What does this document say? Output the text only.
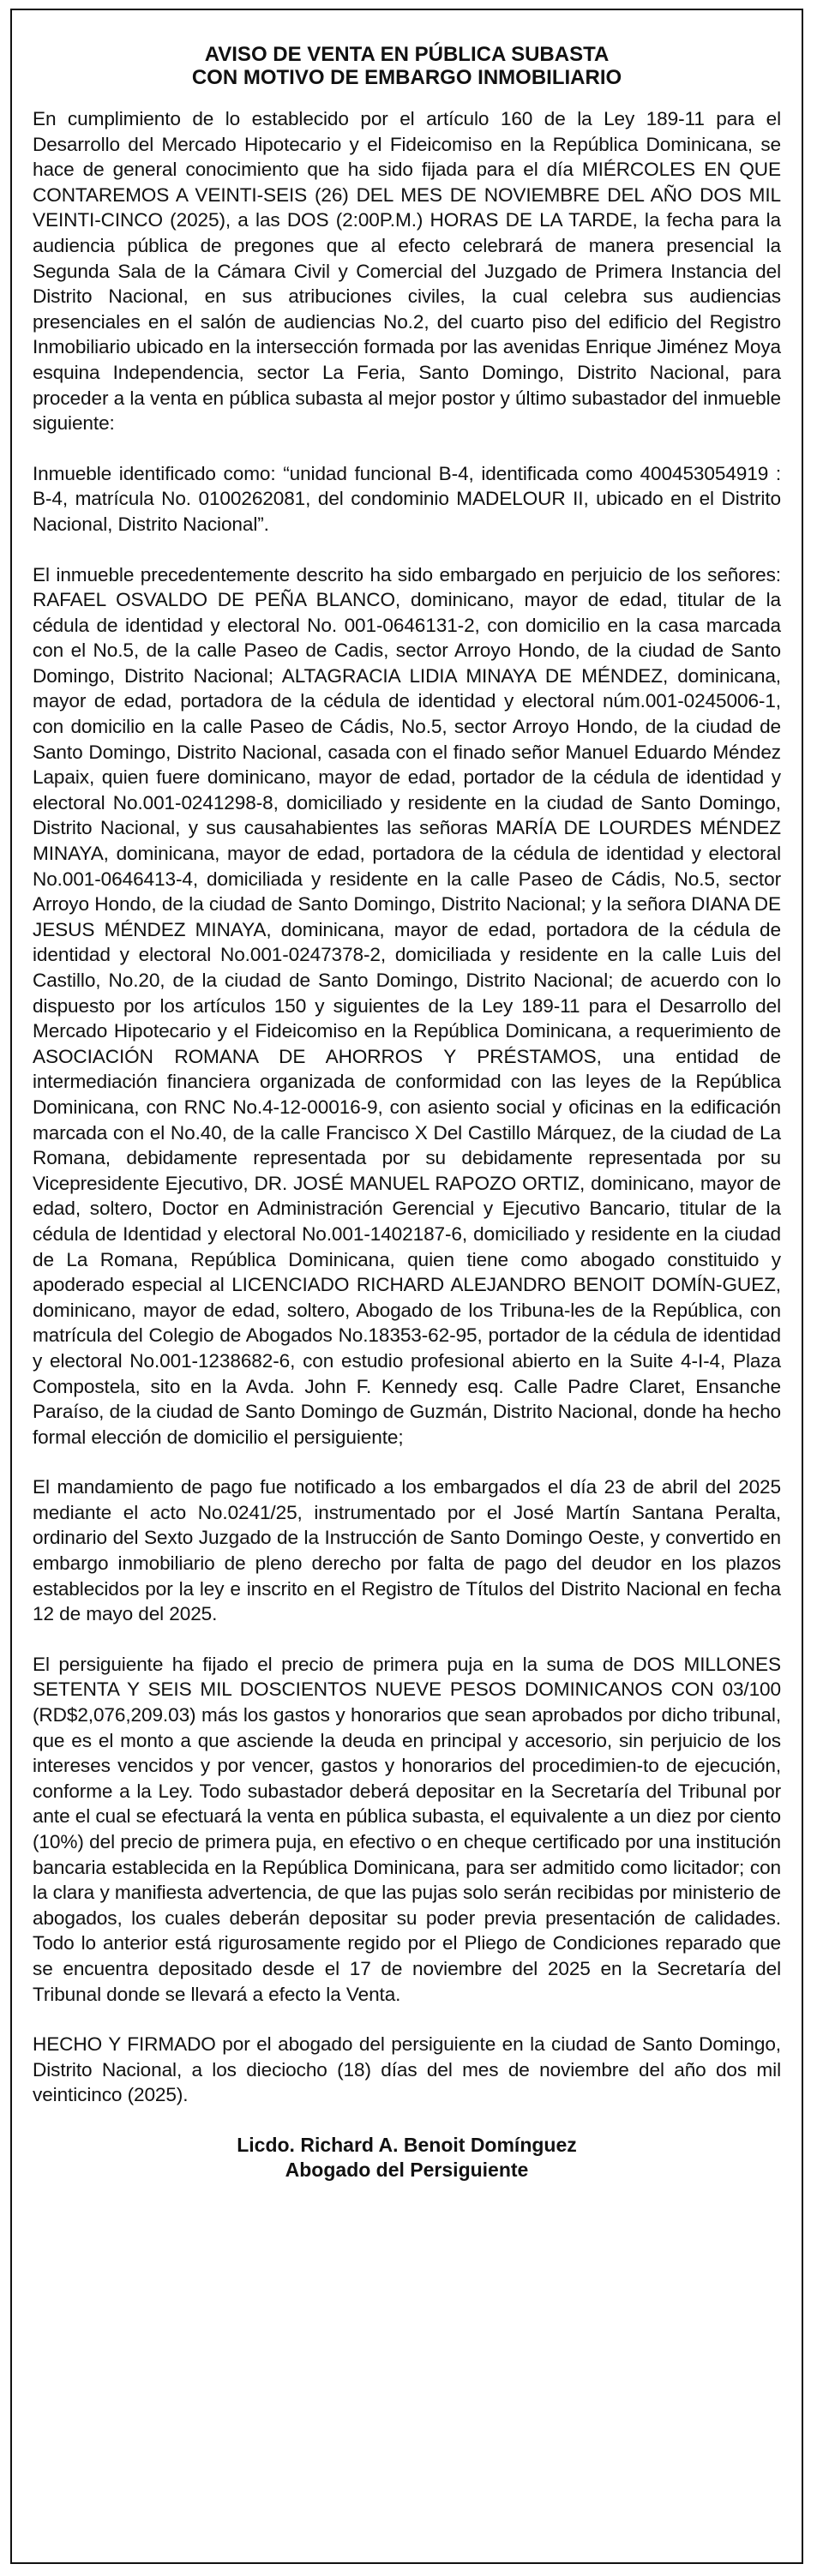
AVISO DE VENTA EN PÚBLICA SUBASTA
CON MOTIVO DE EMBARGO INMOBILIARIO

En cumplimiento de lo establecido por el artículo 160 de la Ley 189-11 para el Desarrollo del Mercado Hipotecario y el Fideicomiso en la República Dominicana, se hace de general conocimiento que ha sido fijada para el día MIÉRCOLES EN QUE CONTAREMOS A VEINTI-SEIS (26) DEL MES DE NOVIEMBRE DEL AÑO DOS MIL VEINTI-CINCO (2025), a las DOS (2:00P.M.) HORAS DE LA TARDE, la fecha para la audiencia pública de pregones que al efecto celebrará de manera presencial la Segunda Sala de la Cámara Civil y Comercial del Juzgado de Primera Instancia del Distrito Nacional, en sus atribuciones civiles, la cual celebra sus audiencias presenciales en el salón de audiencias No.2, del cuarto piso del edificio del Registro Inmobiliario ubicado en la intersección formada por las avenidas Enrique Jiménez Moya esquina Independencia, sector La Feria, Santo Domingo, Distrito Nacional, para proceder a la venta en pública subasta al mejor postor y último subastador del inmueble siguiente:

Inmueble identificado como: “unidad funcional B-4, identificada como 400453054919 : B-4, matrícula No. 0100262081, del condominio MADELOUR II, ubicado en el Distrito Nacional, Distrito Nacional”.

El inmueble precedentemente descrito ha sido embargado en perjuicio de los señores: RAFAEL OSVALDO DE PEÑA BLANCO, dominicano, mayor de edad, titular de la cédula de identidad y electoral No. 001-0646131-2, con domicilio en la casa marcada con el No.5, de la calle Paseo de Cadis, sector Arroyo Hondo, de la ciudad de Santo Domingo, Distrito Nacional; ALTAGRACIA LIDIA MINAYA DE MÉNDEZ, dominicana, mayor de edad, portadora de la cédula de identidad y electoral núm.001-0245006-1, con domicilio en la calle Paseo de Cádis, No.5, sector Arroyo Hondo, de la ciudad de Santo Domingo, Distrito Nacional, casada con el finado señor Manuel Eduardo Méndez Lapaix, quien fuere dominicano, mayor de edad, portador de la cédula de identidad y electoral No.001-0241298-8, domiciliado y residente en la ciudad de Santo Domingo, Distrito Nacional, y sus causahabientes las señoras MARÍA DE LOURDES MÉNDEZ MINAYA, dominicana, mayor de edad, portadora de la cédula de identidad y electoral No.001-0646413-4, domiciliada y residente en la calle Paseo de Cádis, No.5, sector Arroyo Hondo, de la ciudad de Santo Domingo, Distrito Nacional; y la señora DIANA DE JESUS MÉNDEZ MINAYA, dominicana, mayor de edad, portadora de la cédula de identidad y electoral No.001-0247378-2, domiciliada y residente en la calle Luis del Castillo, No.20, de la ciudad de Santo Domingo, Distrito Nacional; de acuerdo con lo dispuesto por los artículos 150 y siguientes de la Ley 189-11 para el Desarrollo del Mercado Hipotecario y el Fideicomiso en la República Dominicana, a requerimiento de ASOCIACIÓN ROMANA DE AHORROS Y PRÉSTAMOS, una entidad de intermediación financiera organizada de conformidad con las leyes de la República Dominicana, con RNC No.4-12-00016-9, con asiento social y oficinas en la edificación marcada con el No.40, de la calle Francisco X Del Castillo Márquez, de la ciudad de La Romana, debidamente representada por su debidamente representada por su Vicepresidente Ejecutivo, DR. JOSÉ MANUEL RAPOZO ORTIZ, dominicano, mayor de edad, soltero, Doctor en Administración Gerencial y Ejecutivo Bancario, titular de la cédula de Identidad y electoral No.001-1402187-6, domiciliado y residente en la ciudad de La Romana, República Dominicana, quien tiene como abogado constituido y apoderado especial al LICENCIADO RICHARD ALEJANDRO BENOIT DOMÍN-GUEZ, dominicano, mayor de edad, soltero, Abogado de los Tribuna-les de la República, con matrícula del Colegio de Abogados No.18353-62-95, portador de la cédula de identidad y electoral No.001-1238682-6, con estudio profesional abierto en la Suite 4-I-4, Plaza Compostela, sito en la Avda. John F. Kennedy esq. Calle Padre Claret, Ensanche Paraíso, de la ciudad de Santo Domingo de Guzmán, Distrito Nacional, donde ha hecho formal elección de domicilio el persiguiente;

El mandamiento de pago fue notificado a los embargados el día 23 de abril del 2025 mediante el acto No.0241/25, instrumentado por el José Martín Santana Peralta, ordinario del Sexto Juzgado de la Instrucción de Santo Domingo Oeste, y convertido en embargo inmobiliario de pleno derecho por falta de pago del deudor en los plazos establecidos por la ley e inscrito en el Registro de Títulos del Distrito Nacional en fecha 12 de mayo del 2025.

El persiguiente ha fijado el precio de primera puja en la suma de DOS MILLONES SETENTA Y SEIS MIL DOSCIENTOS NUEVE PESOS DOMINICANOS CON 03/100 (RD$2,076,209.03) más los gastos y honorarios que sean aprobados por dicho tribunal, que es el monto a que asciende la deuda en principal y accesorio, sin perjuicio de los intereses vencidos y por vencer, gastos y honorarios del procedimien-to de ejecución, conforme a la Ley. Todo subastador deberá depositar en la Secretaría del Tribunal por ante el cual se efectuará la venta en pública subasta, el equivalente a un diez por ciento (10%) del precio de primera puja, en efectivo o en cheque certificado por una institución bancaria establecida en la República Dominicana, para ser admitido como licitador; con la clara y manifiesta advertencia, de que las pujas solo serán recibidas por ministerio de abogados, los cuales deberán depositar su poder previa presentación de calidades. Todo lo anterior está rigurosamente regido por el Pliego de Condiciones reparado que se encuentra depositado desde el 17 de noviembre del 2025 en la Secretaría del Tribunal donde se llevará a efecto la Venta.

HECHO Y FIRMADO por el abogado del persiguiente en la ciudad de Santo Domingo, Distrito Nacional, a los dieciocho (18) días del mes de noviembre del año dos mil veinticinco (2025).

Licdo. Richard A. Benoit Domínguez
Abogado del Persiguiente
